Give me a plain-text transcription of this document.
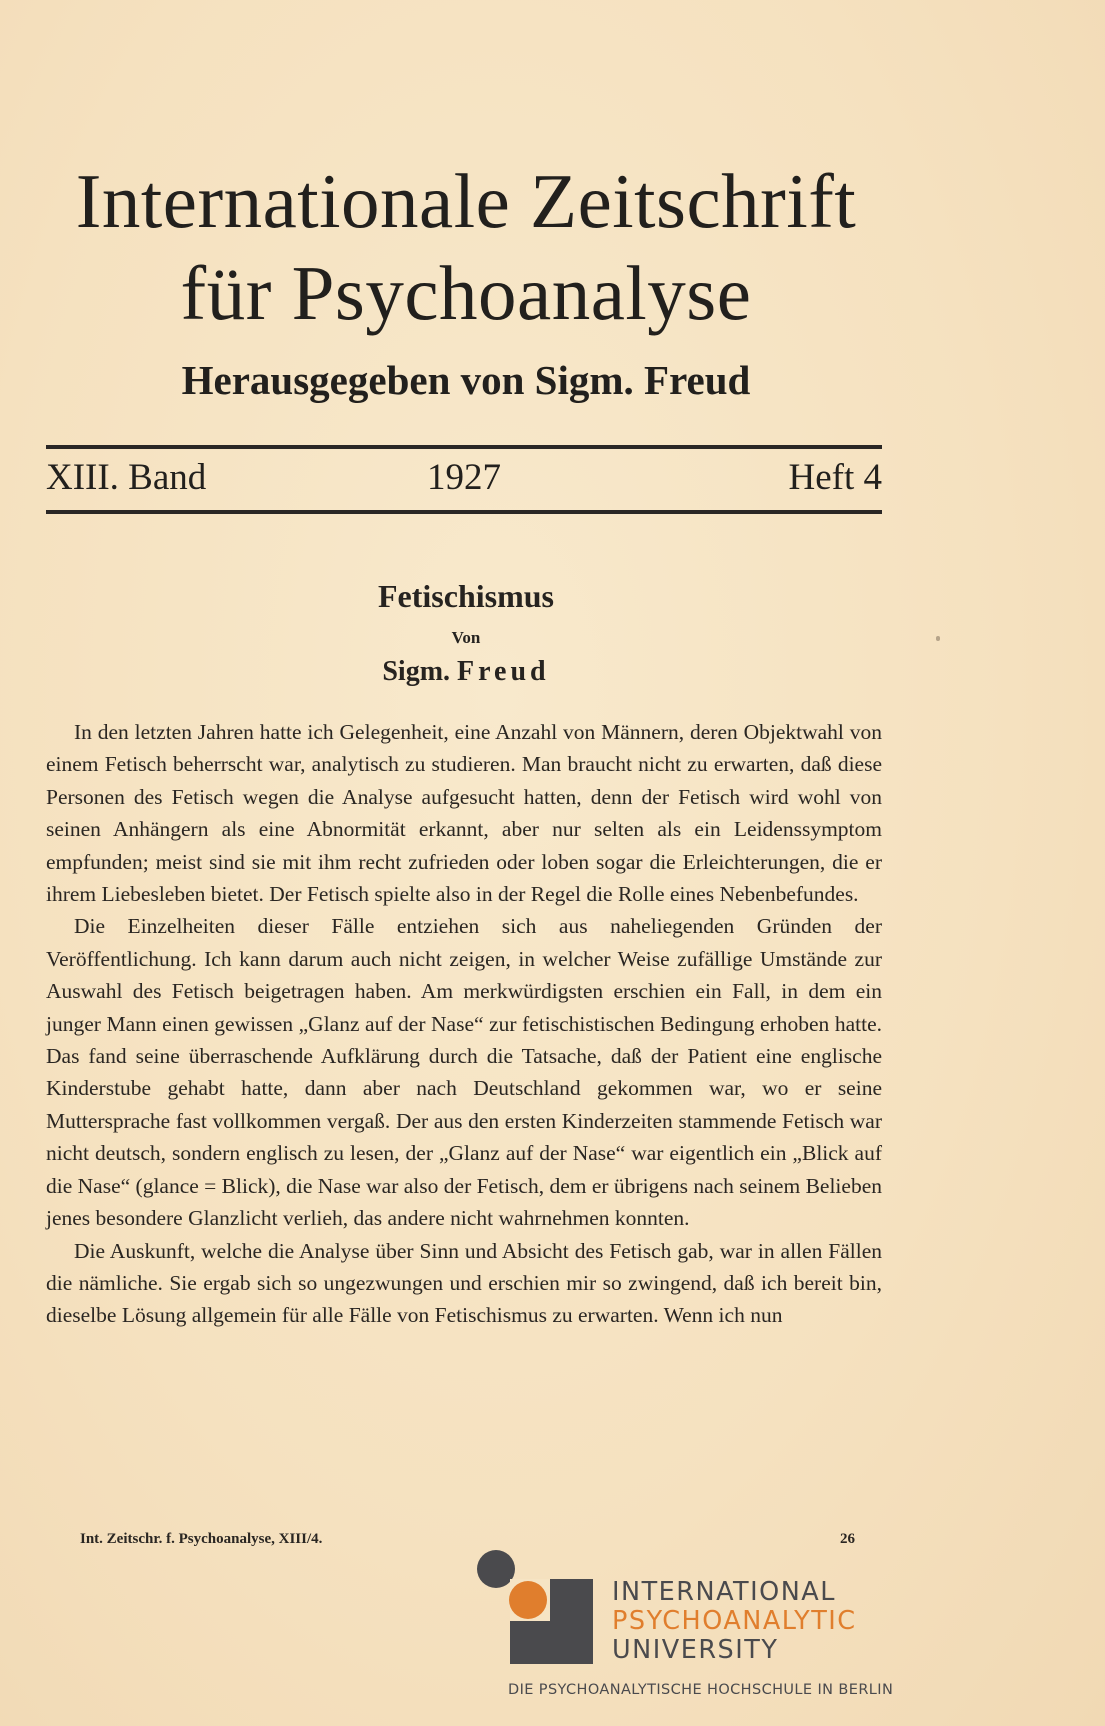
Internationale Zeitschrift
für Psychoanalyse
Herausgegeben von Sigm. Freud
XIII. Band	1927	Heft 4
Fetischismus
Von
Sigm. Freud

In den letzten Jahren hatte ich Gelegenheit, eine Anzahl von Männern, deren Objektwahl von einem Fetisch beherrscht war, analytisch zu studieren. Man braucht nicht zu erwarten, daß diese Personen des Fetisch wegen die Analyse aufgesucht hatten, denn der Fetisch wird wohl von seinen Anhängern als eine Abnormität erkannt, aber nur selten als ein Leidenssymptom empfunden; meist sind sie mit ihm recht zufrieden oder loben sogar die Erleichterungen, die er ihrem Liebesleben bietet. Der Fetisch spielte also in der Regel die Rolle eines Nebenbefundes.

Die Einzelheiten dieser Fälle entziehen sich aus naheliegenden Gründen der Veröffentlichung. Ich kann darum auch nicht zeigen, in welcher Weise zufällige Umstände zur Auswahl des Fetisch beigetragen haben. Am merkwürdigsten erschien ein Fall, in dem ein junger Mann einen gewissen „Glanz auf der Nase“ zur fetischistischen Bedingung erhoben hatte. Das fand seine überraschende Aufklärung durch die Tatsache, daß der Patient eine englische Kinderstube gehabt hatte, dann aber nach Deutschland gekommen war, wo er seine Muttersprache fast vollkommen vergaß. Der aus den ersten Kinderzeiten stammende Fetisch war nicht deutsch, sondern englisch zu lesen, der „Glanz auf der Nase“ war eigentlich ein „Blick auf die Nase“ (glance = Blick), die Nase war also der Fetisch, dem er übrigens nach seinem Belieben jenes besondere Glanzlicht verlieh, das andere nicht wahrnehmen konnten.

Die Auskunft, welche die Analyse über Sinn und Absicht des Fetisch gab, war in allen Fällen die nämliche. Sie ergab sich so ungezwungen und erschien mir so zwingend, daß ich bereit bin, dieselbe Lösung allgemein für alle Fälle von Fetischismus zu erwarten. Wenn ich nun

Int. Zeitschr. f. Psychoanalyse, XIII/4.	26
INTERNATIONAL
PSYCHOANALYTIC
UNIVERSITY
DIE PSYCHOANALYTISCHE HOCHSCHULE IN BERLIN
